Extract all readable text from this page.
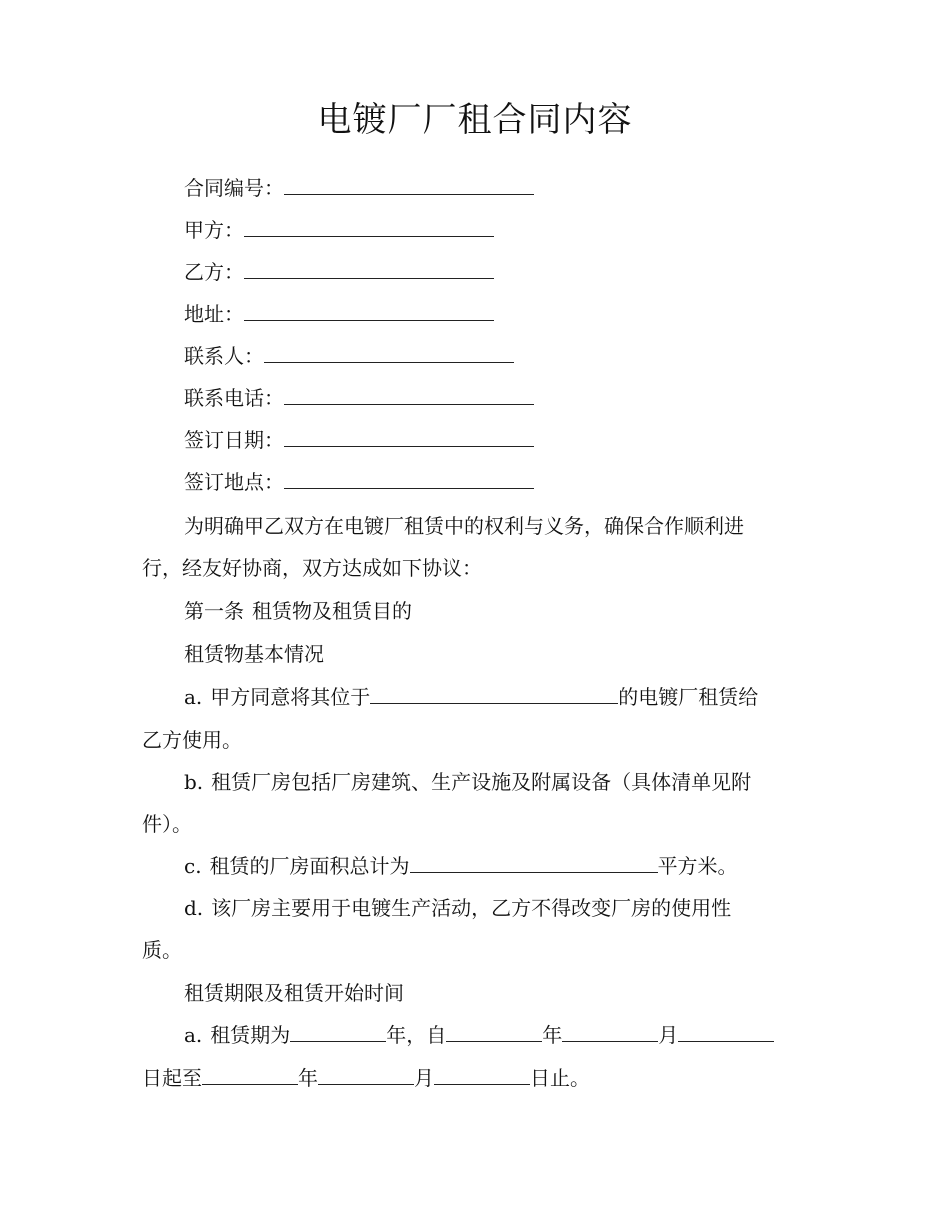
电镀厂厂租合同内容
合同编号：
甲方：
乙方：
地址：
联系人：
联系电话：
签订日期：
签订地点：
为明确甲乙双方在电镀厂租赁中的权利与义务，确保合作顺利进
行，经友好协商，双方达成如下协议：
第一条 租赁物及租赁目的
租赁物基本情况
a. 甲方同意将其位于	的电镀厂租赁给
乙方使用。
b. 租赁厂房包括厂房建筑、生产设施及附属设备（具体清单见附
件）。
c. 租赁的厂房面积总计为	平方米。
d. 该厂房主要用于电镀生产活动，乙方不得改变厂房的使用性
质。
租赁期限及租赁开始时间
a. 租赁期为	年，自	年	月
日起至	年	月	日止。
